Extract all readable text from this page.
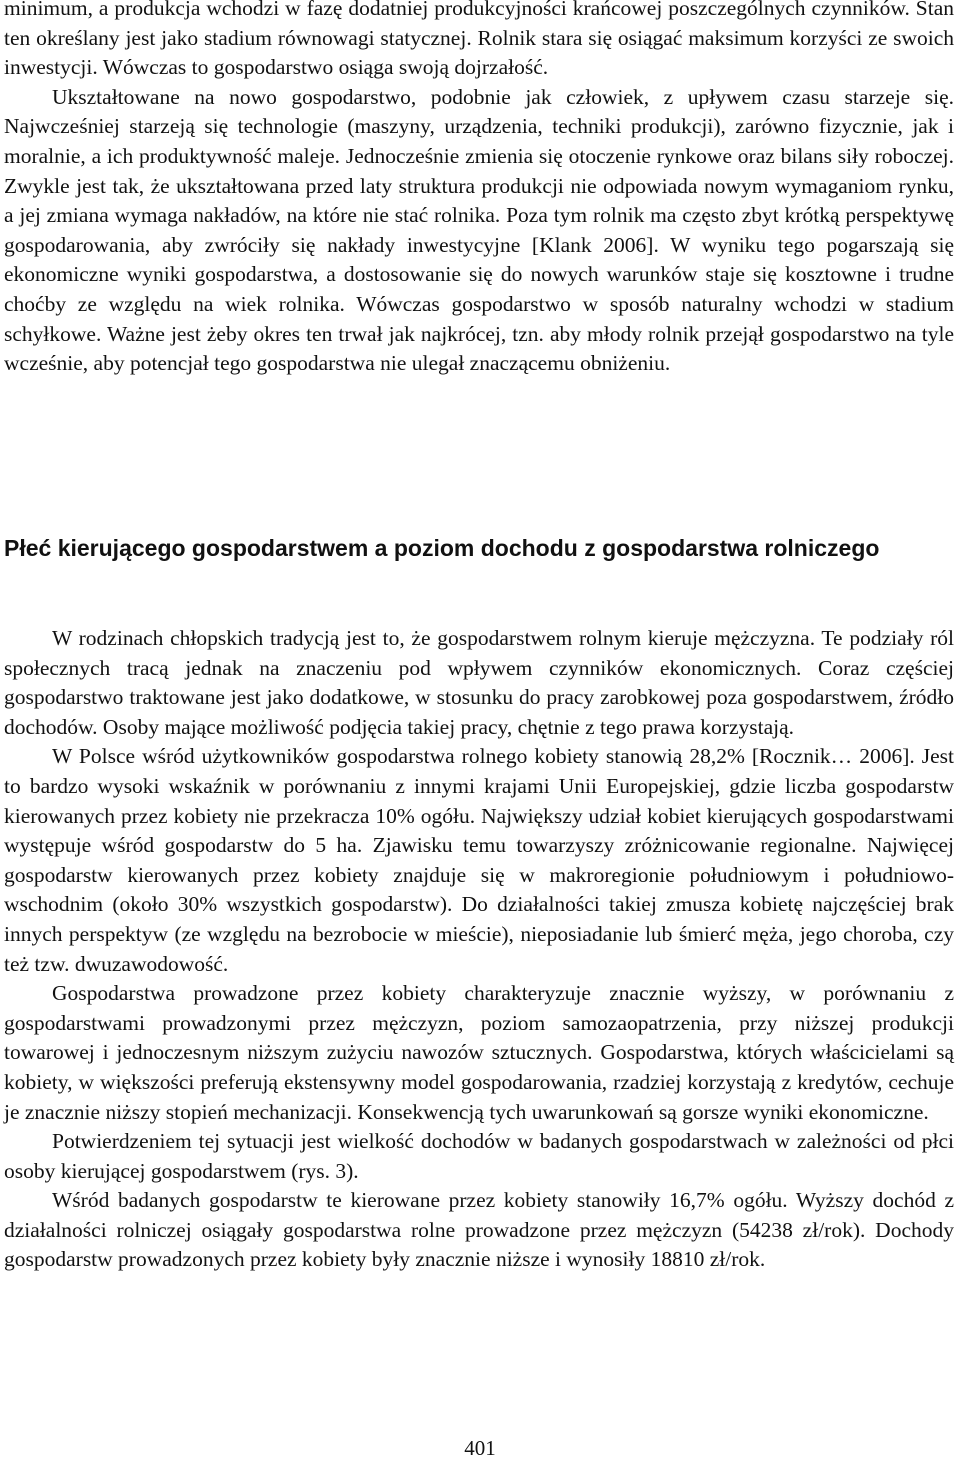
minimum, a produkcja wchodzi w fazę dodatniej produkcyjności krańcowej poszczególnych czynników. Stan ten określany jest jako stadium równowagi statycznej. Rolnik stara się osiągać maksimum korzyści ze swoich inwestycji. Wówczas to gospodarstwo osiąga swoją dojrzałość.

Ukształtowane na nowo gospodarstwo, podobnie jak człowiek, z upływem czasu starzeje się. Najwcześniej starzeją się technologie (maszyny, urządzenia, techniki produkcji), zarówno fizycznie, jak i moralnie, a ich produktywność maleje. Jednocześnie zmienia się otoczenie rynkowe oraz bilans siły roboczej. Zwykle jest tak, że ukształtowana przed laty struktura produkcji nie odpowiada nowym wymaganiom rynku, a jej zmiana wymaga nakładów, na które nie stać rolnika. Poza tym rolnik ma często zbyt krótką perspektywę gospodarowania, aby zwróciły się nakłady inwestycyjne [Klank 2006]. W wyniku tego pogarszają się ekonomiczne wyniki gospodarstwa, a dostosowanie się do nowych warunków staje się kosztowne i trudne choćby ze względu na wiek rolnika. Wówczas gospodarstwo w sposób naturalny wchodzi w stadium schyłkowe. Ważne jest żeby okres ten trwał jak najkrócej, tzn. aby młody rolnik przejął gospodarstwo na tyle wcześnie, aby potencjał tego gospodarstwa nie ulegał znaczącemu obniżeniu.

Płeć kierującego gospodarstwem a poziom dochodu z gospodarstwa rolniczego

W rodzinach chłopskich tradycją jest to, że gospodarstwem rolnym kieruje mężczyzna. Te podziały ról społecznych tracą jednak na znaczeniu pod wpływem czynników ekonomicznych. Coraz częściej gospodarstwo traktowane jest jako dodatkowe, w stosunku do pracy zarobkowej poza gospodarstwem, źródło dochodów. Osoby mające możliwość podjęcia takiej pracy, chętnie z tego prawa korzystają.

W Polsce wśród użytkowników gospodarstwa rolnego kobiety stanowią 28,2% [Rocznik… 2006]. Jest to bardzo wysoki wskaźnik w porównaniu z innymi krajami Unii Europejskiej, gdzie liczba gospodarstw kierowanych przez kobiety nie przekracza 10% ogółu. Największy udział kobiet kierujących gospodarstwami występuje wśród gospodarstw do 5 ha. Zjawisku temu towarzyszy zróżnicowanie regionalne. Najwięcej gospodarstw kierowanych przez kobiety znajduje się w makroregionie południowym i południowo-wschodnim (około 30% wszystkich gospodarstw). Do działalności takiej zmusza kobietę najczęściej brak innych perspektyw (ze względu na bezrobocie w mieście), nieposiadanie lub śmierć męża, jego choroba, czy też tzw. dwuzawodowość.

Gospodarstwa prowadzone przez kobiety charakteryzuje znacznie wyższy, w porównaniu z gospodarstwami prowadzonymi przez mężczyzn, poziom samozaopatrzenia, przy niższej produkcji towarowej i jednoczesnym niższym zużyciu nawozów sztucznych. Gospodarstwa, których właścicielami są kobiety, w większości preferują ekstensywny model gospodarowania, rzadziej korzystają z kredytów, cechuje je znacznie niższy stopień mechanizacji. Konsekwencją tych uwarunkowań są gorsze wyniki ekonomiczne.

Potwierdzeniem tej sytuacji jest wielkość dochodów w badanych gospodarstwach w zależności od płci osoby kierującej gospodarstwem (rys. 3).

Wśród badanych gospodarstw te kierowane przez kobiety stanowiły 16,7% ogółu. Wyższy dochód z działalności rolniczej osiągały gospodarstwa rolne prowadzone przez mężczyzn (54238 zł/rok). Dochody gospodarstw prowadzonych przez kobiety były znacznie niższe i wynosiły 18810 zł/rok.

401
